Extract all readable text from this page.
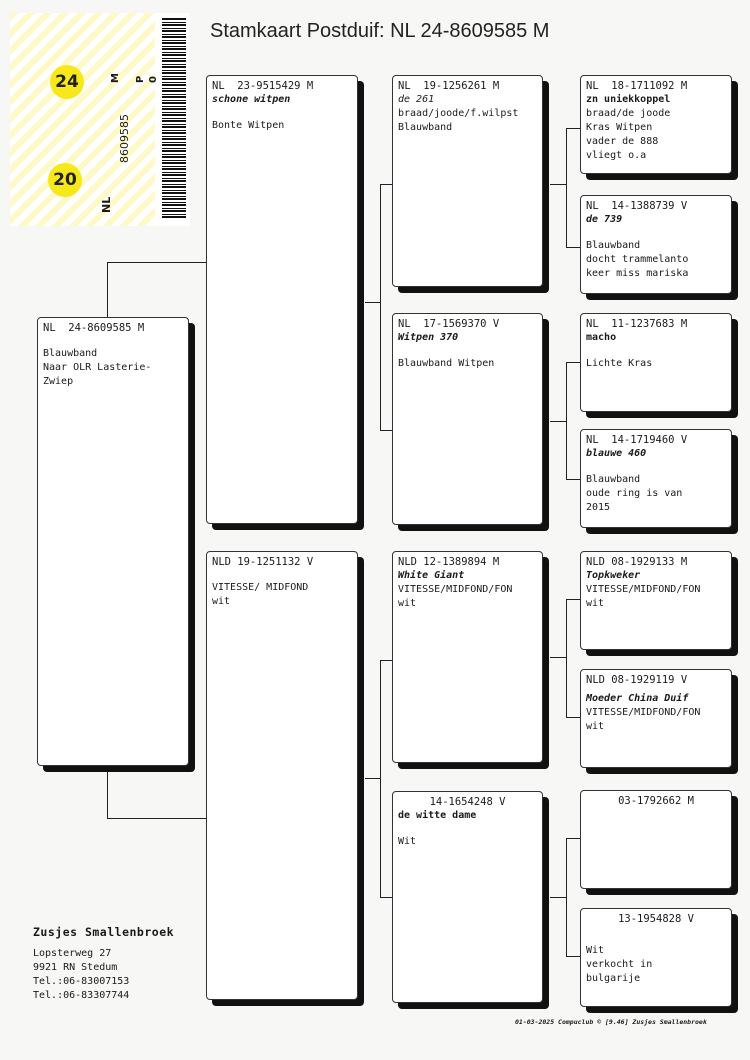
Stamkaart Postduif: NL 24-8609585 M
24
20
8609585
NL
M P 0
NL  24-8609585 M
Blauwband
Naar OLR Lasterie-
Zwiep
NL  23-9515429 M
schone witpen
Bonte Witpen
NLD 19-1251132 V
VITESSE/ MIDFOND
wit
NL  19-1256261 M
de 261
braad/joode/f.wilpst
Blauwband
NL  17-1569370 V
Witpen 370
Blauwband Witpen
NLD 12-1389894 M
White Giant
VITESSE/MIDFOND/FON
wit
14-1654248 V
de witte dame
Wit
NL  18-1711092 M
zn uniekkoppel
braad/de joode
Kras Witpen
vader de 888
vliegt o.a
NL  14-1388739 V
de 739
Blauwband
docht trammelanto
keer miss mariska
NL  11-1237683 M
macho
Lichte Kras
NL  14-1719460 V
blauwe 460
Blauwband
oude ring is van
2015
NLD 08-1929133 M
Topkweker
VITESSE/MIDFOND/FON
wit
NLD 08-1929119 V
Moeder China Duif
VITESSE/MIDFOND/FON
wit
03-1792662 M
13-1954828 V
Wit
verkocht in
bulgarije
Zusjes Smallenbroek
Lopsterweg 27
9921 RN Stedum
Tel.:06-83007153
Tel.:06-83307744
01-03-2025 Compuclub © [9.46] Zusjes Smallenbroek
